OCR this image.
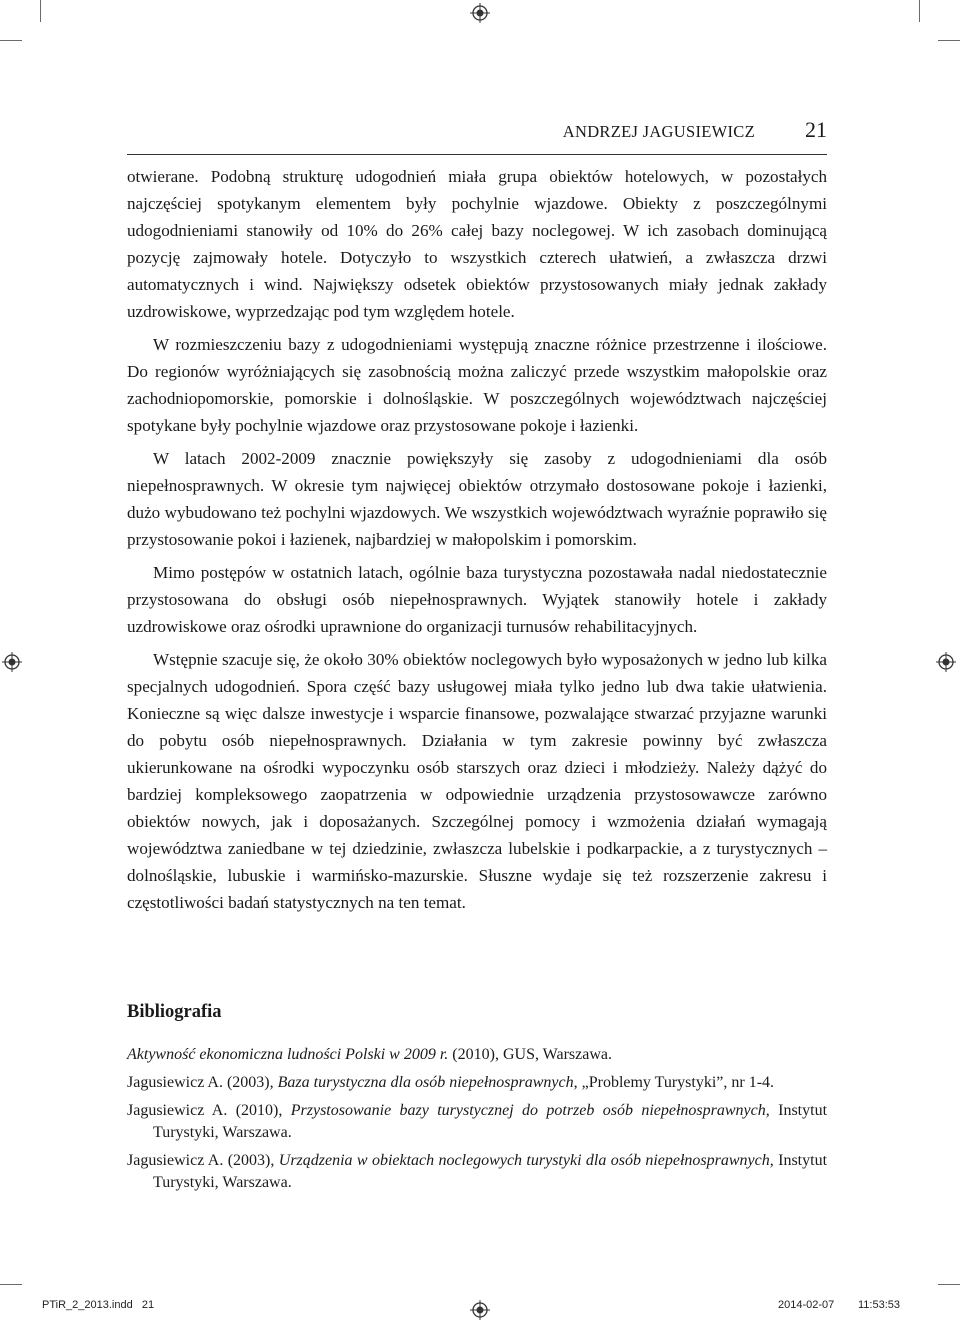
ANDRZEJ JAGUSIEWICZ 21

otwierane. Podobną strukturę udogodnień miała grupa obiektów hotelowych, w pozostałych najczęściej spotykanym elementem były pochylnie wjazdowe. Obiekty z poszczególnymi udogodnieniami stanowiły od 10% do 26% całej bazy noclegowej. W ich zasobach dominującą pozycję zajmowały hotele. Dotyczyło to wszystkich czterech ułatwień, a zwłaszcza drzwi automatycznych i wind. Największy odsetek obiektów przystosowanych miały jednak zakłady uzdrowiskowe, wyprzedzając pod tym względem hotele.

W rozmieszczeniu bazy z udogodnieniami występują znaczne różnice przestrzenne i ilościowe. Do regionów wyróżniających się zasobnością można zaliczyć przede wszystkim małopolskie oraz zachodniopomorskie, pomorskie i dolnośląskie. W poszczególnych województwach najczęściej spotykane były pochylnie wjazdowe oraz przystosowane pokoje i łazienki.

W latach 2002-2009 znacznie powiększyły się zasoby z udogodnieniami dla osób niepełnosprawnych. W okresie tym najwięcej obiektów otrzymało dostosowane pokoje i łazienki, dużo wybudowano też pochylni wjazdowych. We wszystkich województwach wyraźnie poprawiło się przystosowanie pokoi i łazienek, najbardziej w małopolskim i pomorskim.

Mimo postępów w ostatnich latach, ogólnie baza turystyczna pozostawała nadal niedostatecznie przystosowana do obsługi osób niepełnosprawnych. Wyjątek stanowiły hotele i zakłady uzdrowiskowe oraz ośrodki uprawnione do organizacji turnusów rehabilitacyjnych.

Wstępnie szacuje się, że około 30% obiektów noclegowych było wyposażonych w jedno lub kilka specjalnych udogodnień. Spora część bazy usługowej miała tylko jedno lub dwa takie ułatwienia. Konieczne są więc dalsze inwestycje i wsparcie finansowe, pozwalające stwarzać przyjazne warunki do pobytu osób niepełnosprawnych. Działania w tym zakresie powinny być zwłaszcza ukierunkowane na ośrodki wypoczynku osób starszych oraz dzieci i młodzieży. Należy dążyć do bardziej kompleksowego zaopatrzenia w odpowiednie urządzenia przystosowawcze zarówno obiektów nowych, jak i doposażanych. Szczególnej pomocy i wzmożenia działań wymagają województwa zaniedbane w tej dziedzinie, zwłaszcza lubelskie i podkarpackie, a z turystycznych – dolnośląskie, lubuskie i warmińsko-mazurskie. Słuszne wydaje się też rozszerzenie zakresu i częstotliwości badań statystycznych na ten temat.

Bibliografia
Aktywność ekonomiczna ludności Polski w 2009 r. (2010), GUS, Warszawa.
Jagusiewicz A. (2003), Baza turystyczna dla osób niepełnosprawnych, „Problemy Turystyki”, nr 1-4.
Jagusiewicz A. (2010), Przystosowanie bazy turystycznej do potrzeb osób niepełnosprawnych, Instytut Turystyki, Warszawa.
Jagusiewicz A. (2003), Urządzenia w obiektach noclegowych turystyki dla osób niepełnosprawnych, Instytut Turystyki, Warszawa.
PTiR_2_2013.indd   21	2014-02-07 11:53:53
